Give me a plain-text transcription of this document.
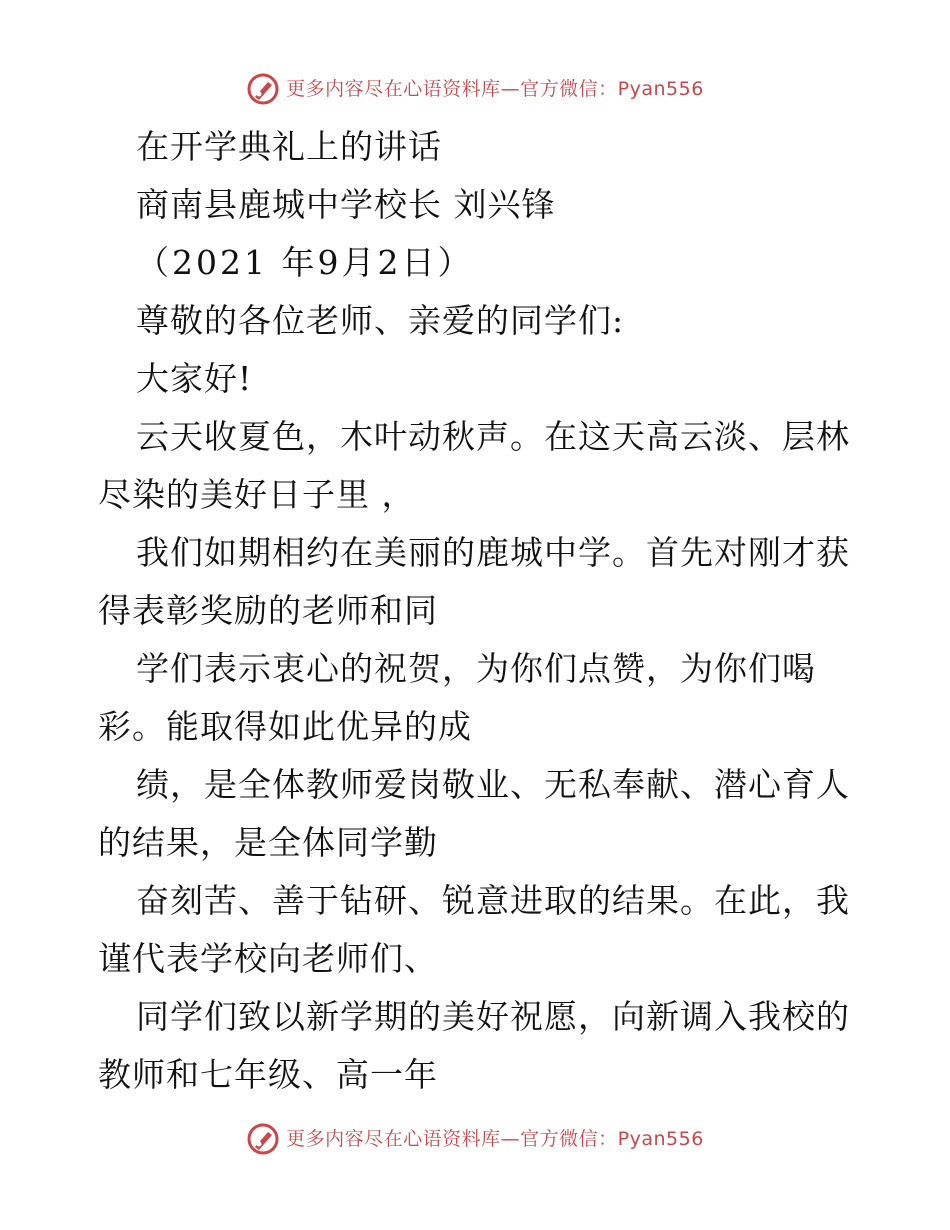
更多内容尽在心语资料库—官方微信：Pyan556
在开学典礼上的讲话
商南县鹿城中学校长 刘兴锋
（2021 年9月2日）
尊敬的各位老师、亲爱的同学们:
大家好!
云天收夏色，木叶动秋声。在这天高云淡、层林
尽染的美好日子里 ，
我们如期相约在美丽的鹿城中学。首先对刚才获
得表彰奖励的老师和同
学们表示衷心的祝贺，为你们点赞，为你们喝
彩。能取得如此优异的成
绩，是全体教师爱岗敬业、无私奉献、潜心育人
的结果，是全体同学勤
奋刻苦、善于钻研、锐意进取的结果。在此，我
谨代表学校向老师们、
同学们致以新学期的美好祝愿，向新调入我校的
教师和七年级、高一年
更多内容尽在心语资料库—官方微信：Pyan556
